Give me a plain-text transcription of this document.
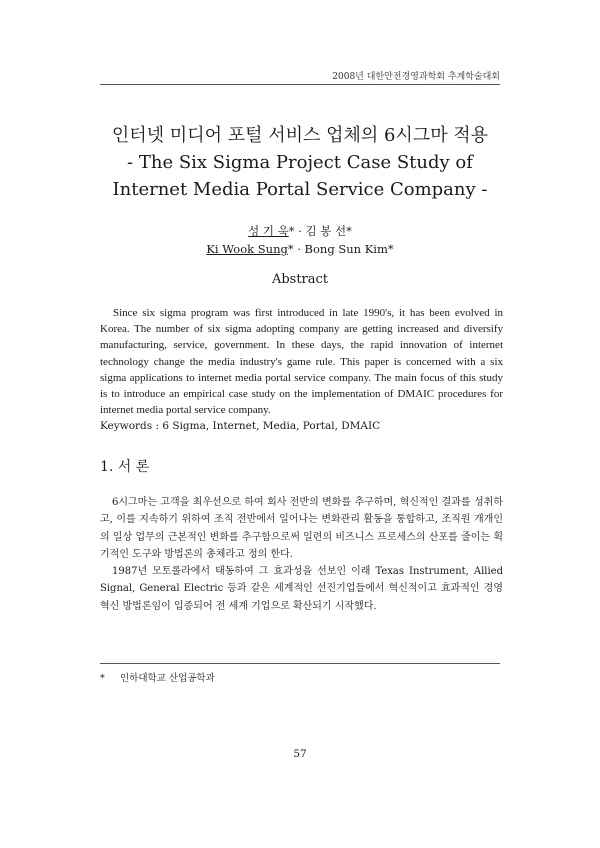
2008년 대한안전경영과학회 추계학술대회
인터넷 미디어 포털 서비스 업체의 6시그마 적용
- The Six Sigma Project Case Study of
Internet Media Portal Service Company -
성 기 욱* · 김 봉 선*
Ki Wook Sung* · Bong Sun Kim*
Abstract

Since six sigma program was first introduced in late 1990's, it has been evolved in Korea. The number of six sigma adopting company are getting increased and diversify manufacturing, service, government. In these days, the rapid innovation of internet technology change the media industry's game rule. This paper is concerned with a six sigma applications to internet media portal service company. The main focus of this study is to introduce an empirical case study on the implementation of DMAIC procedures for internet media portal service company.

Keywords : 6 Sigma, Internet, Media, Portal, DMAIC

1. 서 론

6시그마는 고객을 최우선으로 하여 회사 전반의 변화를 추구하며, 혁신적인 결과를 성취하고, 이를 지속하기 위하여 조직 전반에서 일어나는 변화관리 활동을 통합하고, 조직원 개개인의 일상 업무의 근본적인 변화를 추구함으로써 일련의 비즈니스 프로세스의 산포를 줄이는 획기적인 도구와 방법론의 총체라고 정의 한다.

1987년 모토롤라에서 태동하여 그 효과성을 선보인 이래 Texas Instrument, Allied Signal, General Electric 등과 같은 세계적인 선진기업들에서 혁신적이고 효과적인 경영혁신 방법론임이 입증되어 전 세계 기업으로 확산되기 시작했다.

* 인하대학교 산업공학과
57
